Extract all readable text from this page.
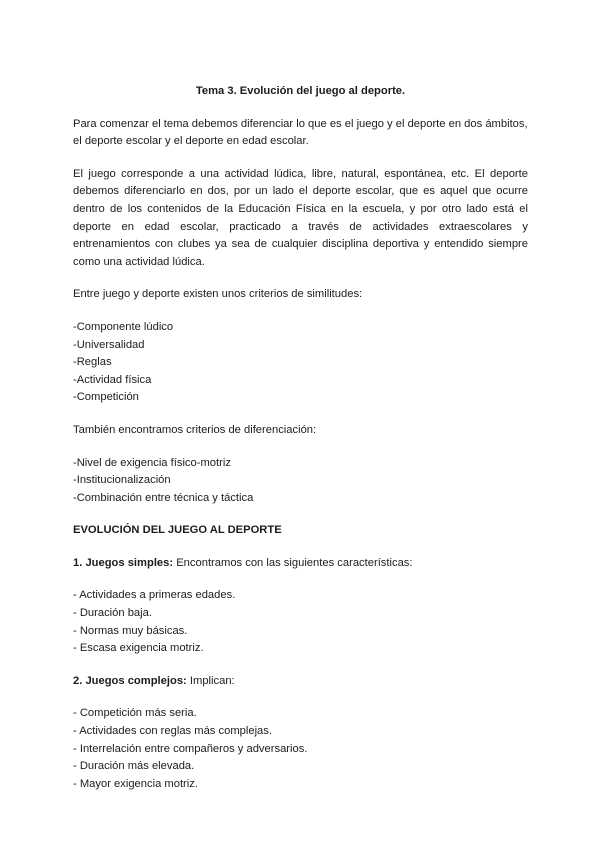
Tema 3. Evolución del juego al deporte.

Para comenzar el tema debemos diferenciar lo que es el juego y el deporte en dos ámbitos, el deporte escolar y el deporte en edad escolar.

El juego corresponde a una actividad lúdica, libre, natural, espontánea, etc. El deporte debemos diferenciarlo en dos, por un lado el deporte escolar, que es aquel que ocurre dentro de los contenidos de la Educación Física en la escuela, y por otro lado está el deporte en edad escolar, practicado a través de actividades extraescolares y entrenamientos con clubes ya sea de cualquier disciplina deportiva y entendido siempre como una actividad lúdica.

Entre juego y deporte existen unos criterios de similitudes:

-Componente lúdico
-Universalidad
-Reglas
-Actividad física
-Competición

También encontramos criterios de diferenciación:

-Nivel de exigencia físico-motriz
-Institucionalización
-Combinación entre técnica y táctica
EVOLUCIÓN DEL JUEGO AL DEPORTE

1. Juegos simples: Encontramos con las siguientes características:

- Actividades a primeras edades.
- Duración baja.
- Normas muy básicas.
- Escasa exigencia motriz.

2. Juegos complejos: Implican:

- Competición más seria.
- Actividades con reglas más complejas.
- Interrelación entre compañeros y adversarios.
- Duración más elevada.
- Mayor exigencia motriz.
